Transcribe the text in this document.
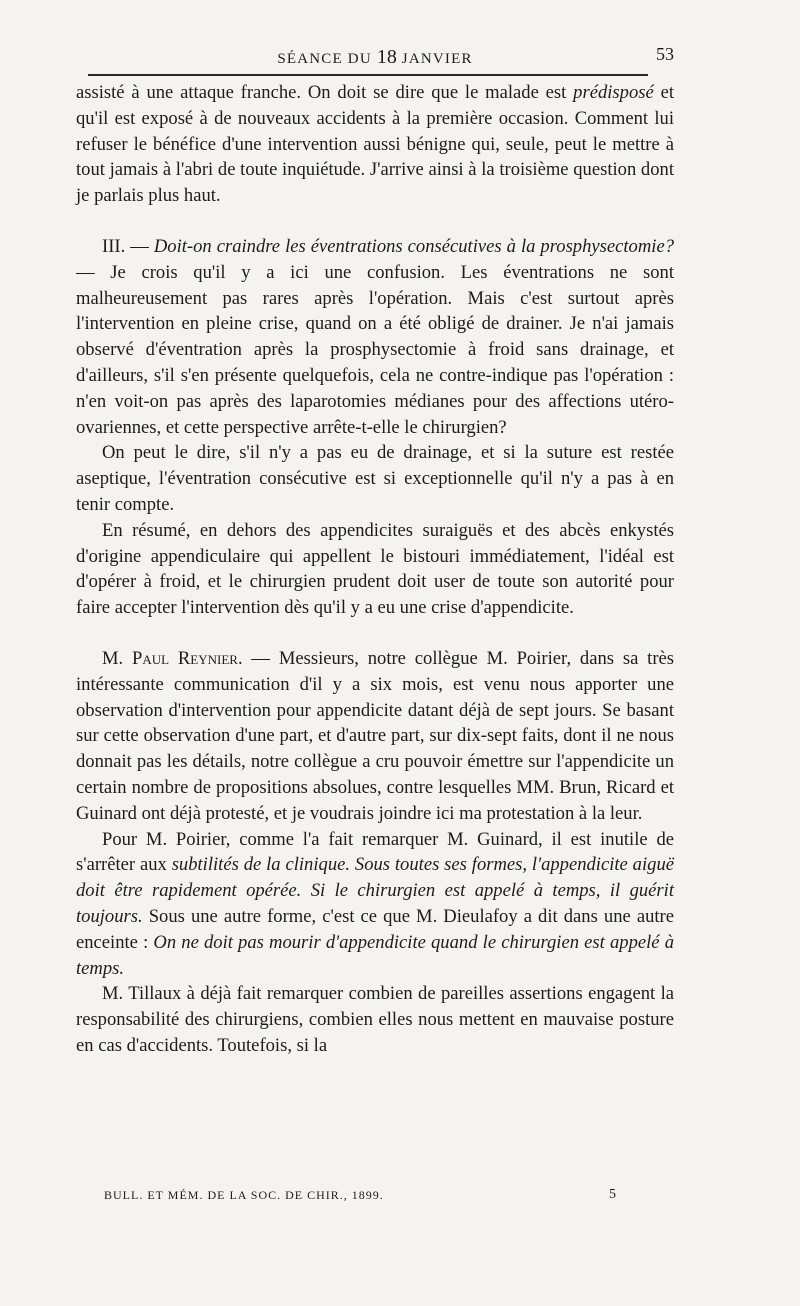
SÉANCE DU 18 JANVIER	53

assisté à une attaque franche. On doit se dire que le malade est prédisposé et qu'il est exposé à de nouveaux accidents à la première occasion. Comment lui refuser le bénéfice d'une intervention aussi bénigne qui, seule, peut le mettre à tout jamais à l'abri de toute inquiétude. J'arrive ainsi à la troisième question dont je parlais plus haut.

III. — Doit-on craindre les éventrations consécutives à la prosphysectomie? — Je crois qu'il y a ici une confusion. Les éventrations ne sont malheureusement pas rares après l'opération. Mais c'est surtout après l'intervention en pleine crise, quand on a été obligé de drainer. Je n'ai jamais observé d'éventration après la prosphysectomie à froid sans drainage, et d'ailleurs, s'il s'en présente quelquefois, cela ne contre-indique pas l'opération : n'en voit-on pas après des laparotomies médianes pour des affections utéro-ovariennes, et cette perspective arrête-t-elle le chirurgien?

On peut le dire, s'il n'y a pas eu de drainage, et si la suture est restée aseptique, l'éventration consécutive est si exceptionnelle qu'il n'y a pas à en tenir compte.

En résumé, en dehors des appendicites suraiguës et des abcès enkystés d'origine appendiculaire qui appellent le bistouri immédiatement, l'idéal est d'opérer à froid, et le chirurgien prudent doit user de toute son autorité pour faire accepter l'intervention dès qu'il y a eu une crise d'appendicite.

M. Paul Reynier. — Messieurs, notre collègue M. Poirier, dans sa très intéressante communication d'il y a six mois, est venu nous apporter une observation d'intervention pour appendicite datant déjà de sept jours. Se basant sur cette observation d'une part, et d'autre part, sur dix-sept faits, dont il ne nous donnait pas les détails, notre collègue a cru pouvoir émettre sur l'appendicite un certain nombre de propositions absolues, contre lesquelles MM. Brun, Ricard et Guinard ont déjà protesté, et je voudrais joindre ici ma protestation à la leur.

Pour M. Poirier, comme l'a fait remarquer M. Guinard, il est inutile de s'arrêter aux subtilités de la clinique. Sous toutes ses formes, l'appendicite aiguë doit être rapidement opérée. Si le chirurgien est appelé à temps, il guérit toujours. Sous une autre forme, c'est ce que M. Dieulafoy a dit dans une autre enceinte : On ne doit pas mourir d'appendicite quand le chirurgien est appelé à temps.

M. Tillaux à déjà fait remarquer combien de pareilles assertions engagent la responsabilité des chirurgiens, combien elles nous mettent en mauvaise posture en cas d'accidents. Toutefois, si la

BULL. ET MÉM. DE LA SOC. DE CHIR., 1899.	5
